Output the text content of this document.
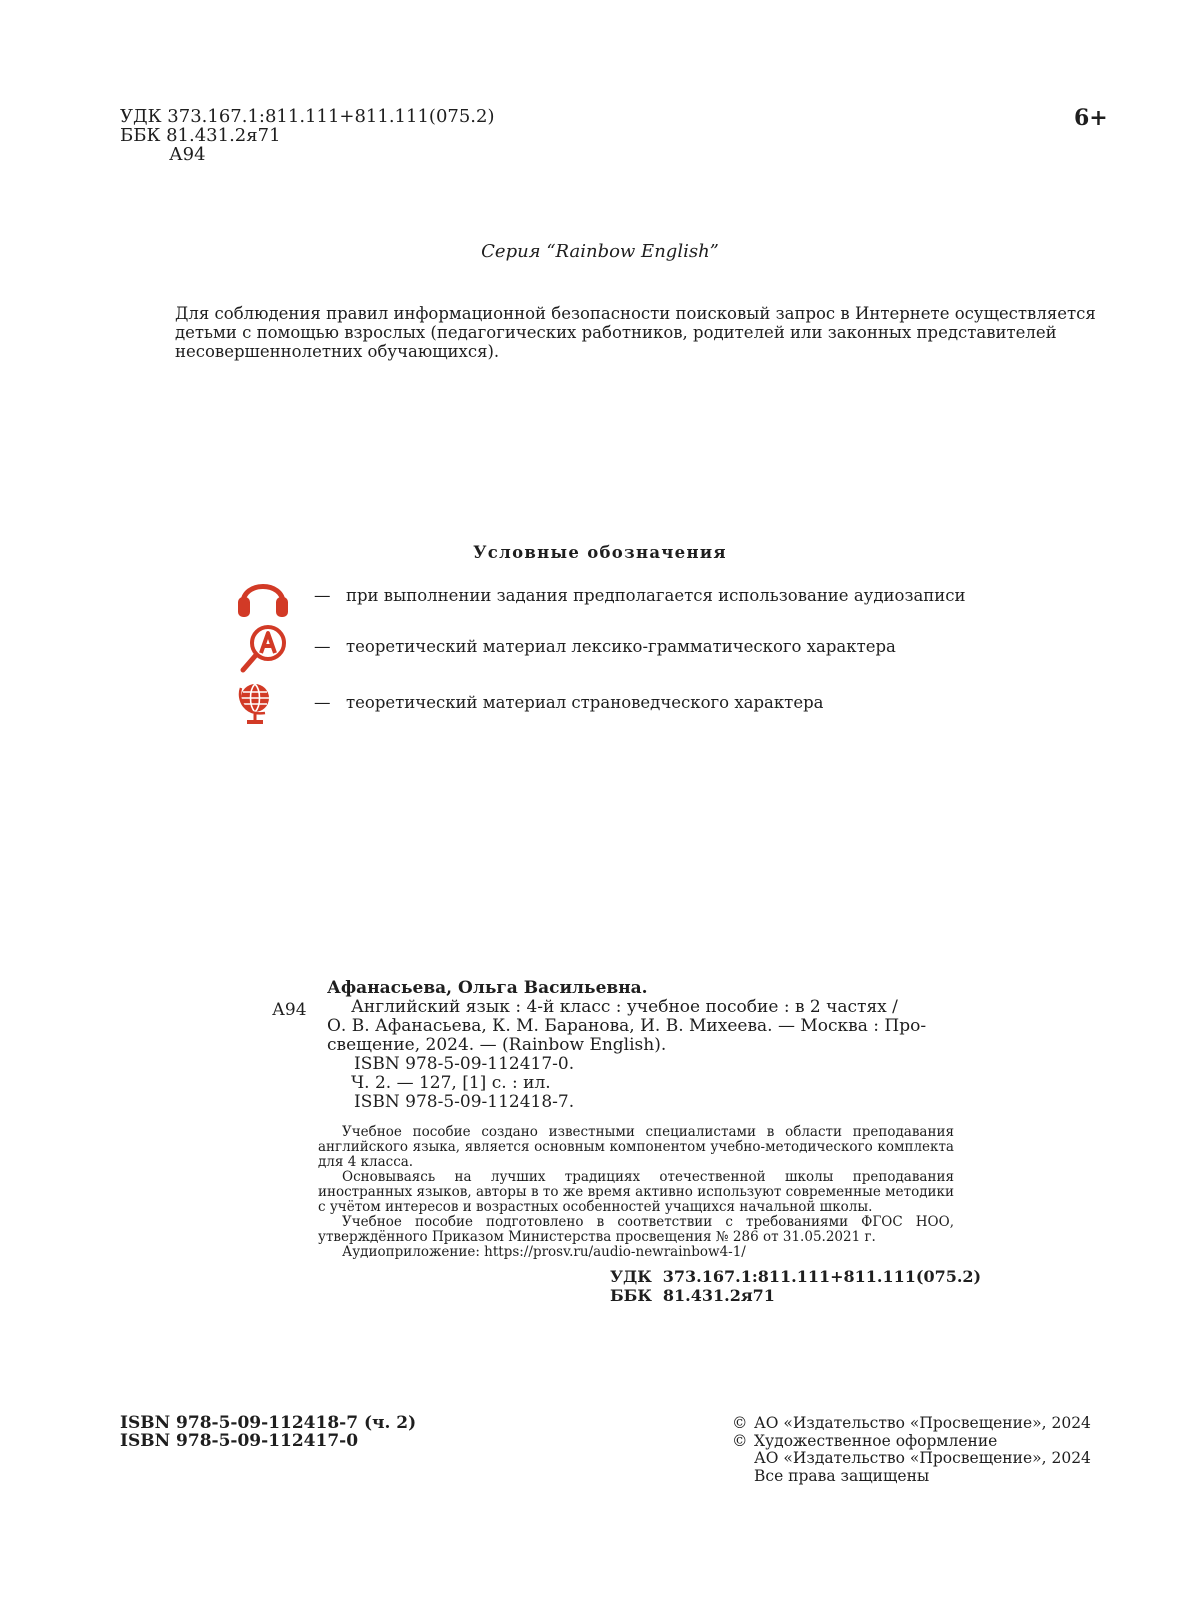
УДК 373.167.1:811.111+811.111(075.2)
ББК 81.431.2я71
А94
6+
Серия “Rainbow English”
Для соблюдения правил информационной безопасности поисковый запрос в Интернете осуществляется
детьми с помощью взрослых (педагогических работников, родителей или законных представителей
несовершеннолетних обучающихся).
Условные обозначения
— при выполнении задания предполагается использование аудиозаписи
— теоретический материал лексико-грамматического характера
— теоретический материал страноведческого характера
А94
Афанасьева, Ольга Васильевна.
Английский язык : 4-й класс : учебное пособие : в 2 частях /
О. В. Афанасьева, К. М. Баранова, И. В. Михеева. — Москва : Про-
свещение, 2024. — (Rainbow English).
ISBN 978-5-09-112417-0.
Ч. 2. — 127, [1] с. : ил.
ISBN 978-5-09-112418-7.

Учебное пособие создано известными специалистами в области преподавания английского языка, является основным компонентом учебно-методического комплекта для 4 класса.

Основываясь на лучших традициях отечественной школы преподавания иностранных языков, авторы в то же время активно используют современные методики с учётом интересов и возрастных особенностей учащихся начальной школы.

Учебное пособие подготовлено в соответствии с требованиями ФГОС НОО, утверждённого Приказом Министерства просвещения № 286 от 31.05.2021 г.

Аудиоприложение: https://prosv.ru/audio-newrainbow4-1/

УДК 373.167.1:811.111+811.111(075.2)
ББК 81.431.2я71
ISBN 978-5-09-112418-7 (ч. 2)
ISBN 978-5-09-112417-0
© АО «Издательство «Просвещение», 2024
© Художественное оформление
АО «Издательство «Просвещение», 2024
Все права защищены
